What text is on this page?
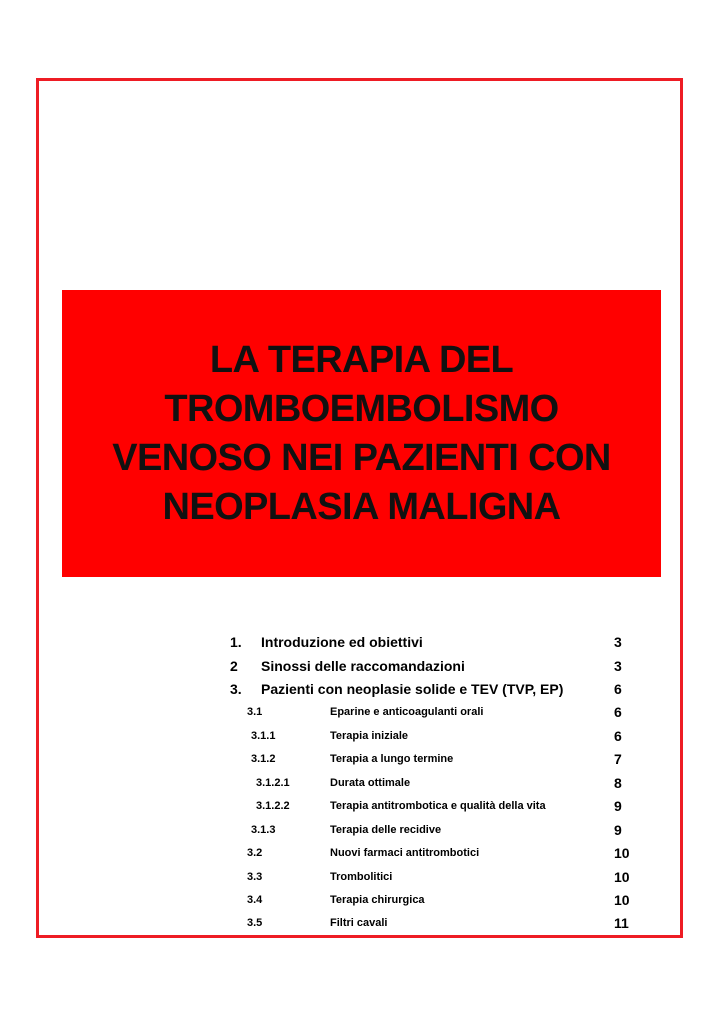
LA TERAPIA DEL
TROMBOEMBOLISMO
VENOSO NEI PAZIENTI CON
NEOPLASIA MALIGNA
1. Introduzione ed obiettivi	3
2 Sinossi delle raccomandazioni	3
3. Pazienti con neoplasie solide e TEV (TVP, EP)	6
3.1	Eparine e anticoagulanti orali	6
3.1.1	Terapia iniziale	6
3.1.2	Terapia a lungo termine	7
3.1.2.1	Durata ottimale	8
3.1.2.2	Terapia antitrombotica e qualità della vita	9
3.1.3	Terapia delle recidive	9
3.2	Nuovi farmaci antitrombotici	10
3.3	Trombolitici	10
3.4	Terapia chirurgica	10
3.5	Filtri cavali	11
